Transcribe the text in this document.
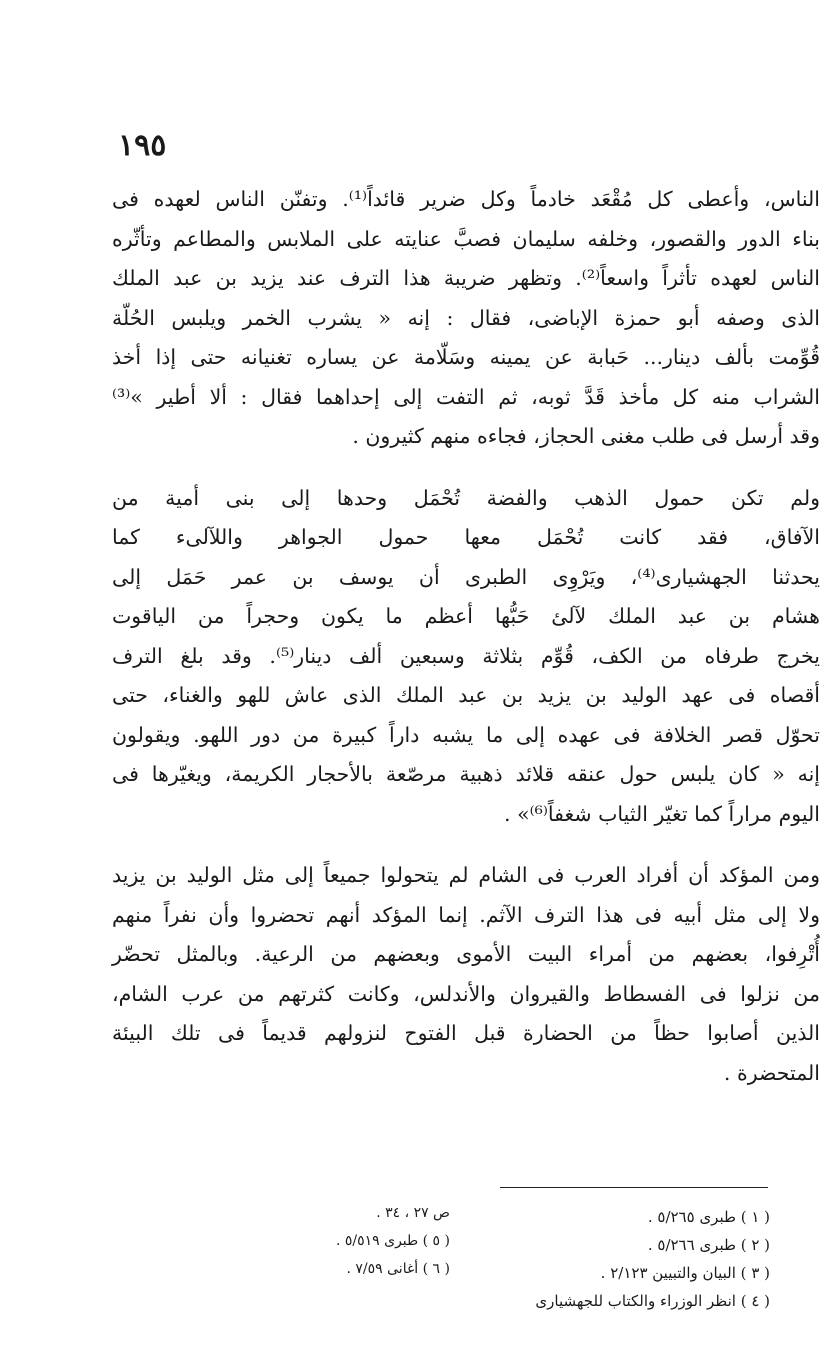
١٩٥

الناس، وأعطى كل مُقْعَد خادماً وكل ضرير قائداً⁽¹⁾. وتفنّن الناس لعهده فى
بناء الدور والقصور، وخلفه سليمان فصبَّ عنايته على الملابس والمطاعم وتأثّره
الناس لعهده تأثراً واسعاً⁽²⁾. وتظهر ضريبة هذا الترف عند يزيد بن عبد الملك
الذى وصفه أبو حمزة الإباضى، فقال : إنه « يشرب الخمر ويلبس الحُلّة
قُوِّمت بألف دينار... حَبابة عن يمينه وسَلّامة عن يساره تغنيانه حتى إذا أخذ
الشراب منه كل مأخذ قَدَّ ثوبه، ثم التفت إلى إحداهما فقال : ألا أطير »⁽³⁾
وقد أرسل فى طلب مغنى الحجاز، فجاءه منهم كثيرون .

ولم تكن حمول الذهب والفضة تُحْمَل وحدها إلى بنى أمية من
الآفاق، فقد كانت تُحْمَل معها حمول الجواهر واللآلىء كما
يحدثنا الجهشيارى⁽⁴⁾، ويَرْوِى الطبرى أن يوسف بن عمر حَمَل إلى
هشام بن عبد الملك لآلئ حَبُّها أعظم ما يكون وحجراً من الياقوت
يخرج طرفاه من الكف، قُوِّم بثلاثة وسبعين ألف دينار⁽⁵⁾. وقد بلغ الترف
أقصاه فى عهد الوليد بن يزيد بن عبد الملك الذى عاش للهو والغناء، حتى
تحوّل قصر الخلافة فى عهده إلى ما يشبه داراً كبيرة من دور اللهو. ويقولون
إنه « كان يلبس حول عنقه قلائد ذهبية مرصّعة بالأحجار الكريمة، ويغيّرها فى
اليوم مراراً كما تغيّر الثياب شغفاً⁽⁶⁾» .

ومن المؤكد أن أفراد العرب فى الشام لم يتحولوا جميعاً إلى مثل الوليد بن يزيد
ولا إلى مثل أبيه فى هذا الترف الآثم. إنما المؤكد أنهم تحضروا وأن نفراً منهم
أُتْرِفوا، بعضهم من أمراء البيت الأموى وبعضهم من الرعية. وبالمثل تحضّر
من نزلوا فى الفسطاط والقيروان والأندلس، وكانت كثرتهم من عرب الشام،
الذين أصابوا حظاً من الحضارة قبل الفتوح لنزولهم قديماً فى تلك البيئة
المتحضرة .

( ١ ) طبرى ٥/٢٦٥ .
( ٢ ) طبرى ٥/٢٦٦ .
( ٣ ) البيان والتبيين ٢/١٢٣ .
( ٤ ) انظر الوزراء والكتاب للجهشيارى
ص ٢٧ ، ٣٤ .
( ٥ ) طبرى ٥/٥١٩ .
( ٦ ) أغانى ٧/٥٩ .
